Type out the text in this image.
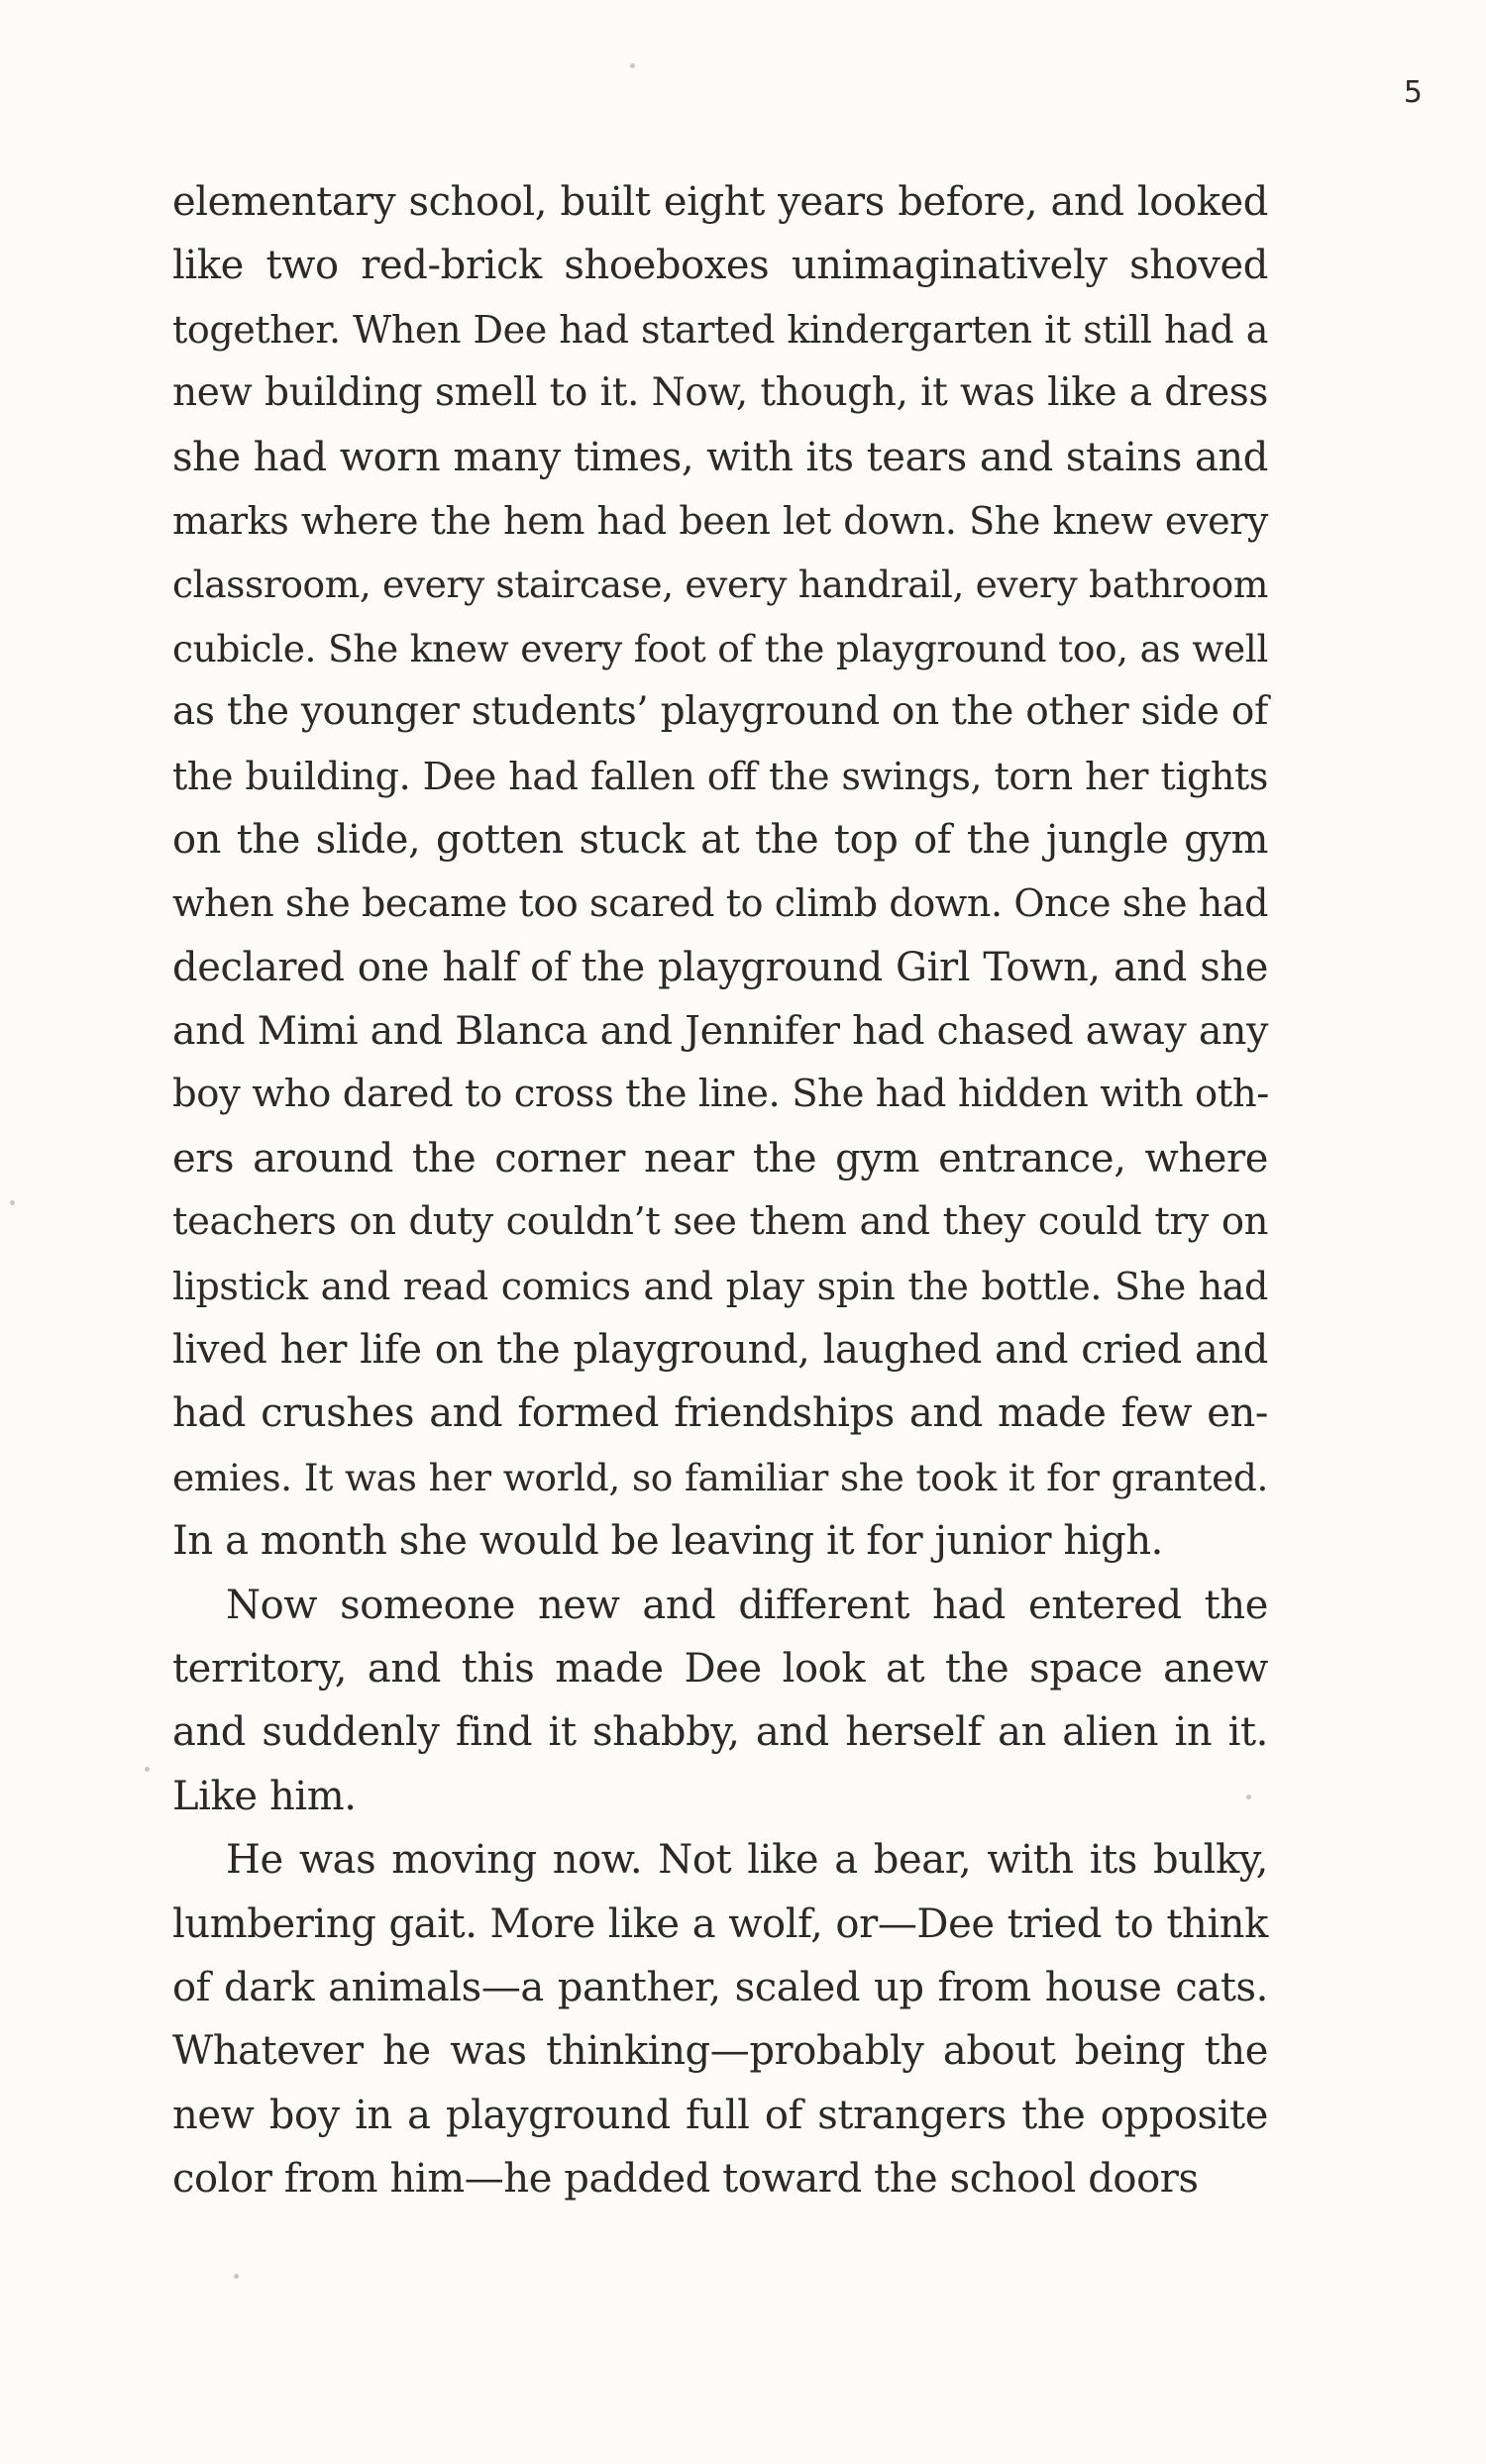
5
elementary school, built eight years before, and looked
like two red-brick shoeboxes unimaginatively shoved
together. When Dee had started kindergarten it still had a
new building smell to it. Now, though, it was like a dress
she had worn many times, with its tears and stains and
marks where the hem had been let down. She knew every
classroom, every staircase, every handrail, every bathroom
cubicle. She knew every foot of the playground too, as well
as the younger students’ playground on the other side of
the building. Dee had fallen off the swings, torn her tights
on the slide, gotten stuck at the top of the jungle gym
when she became too scared to climb down. Once she had
declared one half of the playground Girl Town, and she
and Mimi and Blanca and Jennifer had chased away any
boy who dared to cross the line. She had hidden with oth-
ers around the corner near the gym entrance, where
teachers on duty couldn’t see them and they could try on
lipstick and read comics and play spin the bottle. She had
lived her life on the playground, laughed and cried and
had crushes and formed friendships and made few en-
emies. It was her world, so familiar she took it for granted.
In a month she would be leaving it for junior high.
Now someone new and different had entered the
territory, and this made Dee look at the space anew
and suddenly find it shabby, and herself an alien in it.
Like him.
He was moving now. Not like a bear, with its bulky,
lumbering gait. More like a wolf, or—Dee tried to think
of dark animals—a panther, scaled up from house cats.
Whatever he was thinking—probably about being the
new boy in a playground full of strangers the opposite
color from him—he padded toward the school doors
